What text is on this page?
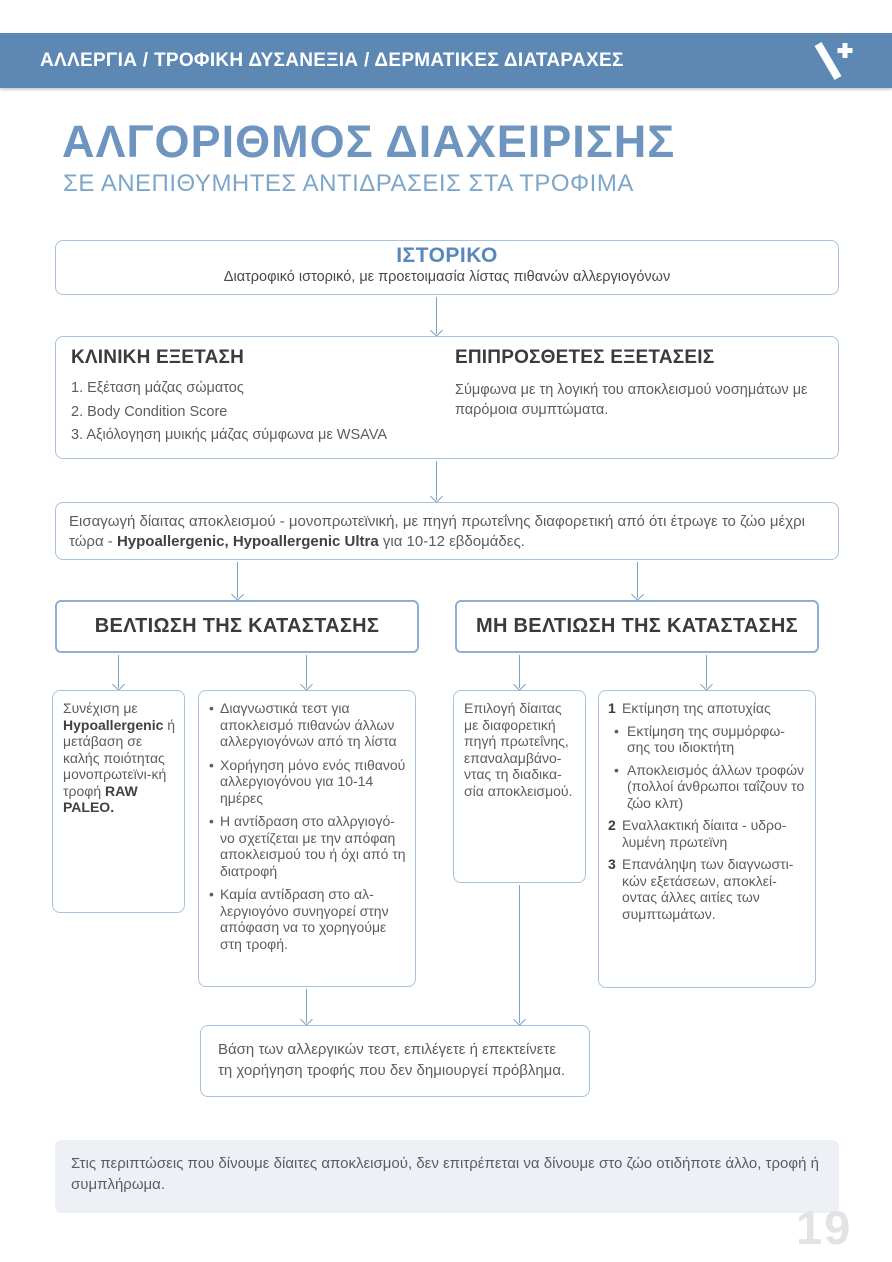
ΑΛΛΕΡΓΙΑ / ΤΡΟΦΙΚΗ ΔΥΣΑΝΕΞΙΑ / ΔΕΡΜΑΤΙΚΕΣ ΔΙΑΤΑΡΑΧΕΣ
ΑΛΓΟΡΙΘΜΟΣ ΔΙΑΧΕΙΡΙΣΗΣ
ΣΕ ΑΝΕΠΙΘΥΜΗΤΕΣ ΑΝΤΙΔΡΑΣΕΙΣ ΣΤΑ ΤΡΟΦΙΜΑ
ΙΣΤΟΡΙΚΟ
Διατροφικό ιστορικό, με προετοιμασία λίστας πιθανών αλλεργιογόνων
ΚΛΙΝΙΚΗ ΕΞΕΤΑΣΗ
1. Εξέταση μάζας σώματος
2. Body Condition Score
3. Αξιόλογηση μυικής μάζας σύμφωνα με WSAVA
ΕΠΙΠΡΟΣΘΕΤΕΣ ΕΞΕΤΑΣΕΙΣ
Σύμφωνα με τη λογική του αποκλεισμού νοσημάτων με παρόμοια συμπτώματα.
Εισαγωγή δίαιτας αποκλεισμού - μονοπρωτεϊνική, με πηγή πρωτεΐνης διαφορετική από ότι έτρωγε το ζώο μέχρι τώρα - Hypoallergenic, Hypoallergenic Ultra για 10-12 εβδομάδες.
ΒΕΛΤΙΩΣΗ ΤΗΣ ΚΑΤΑΣΤΑΣΗΣ	ΜΗ ΒΕΛΤΙΩΣΗ ΤΗΣ ΚΑΤΑΣΤΑΣΗΣ
Συνέχιση με Hypoallergenic ή μετάβαση σε καλής ποιότητας μονοπρωτεϊνι-κή τροφή RAW PALEO.
• Διαγνωστικά τεστ για αποκλεισμό πιθανών άλλων αλλεργιογόνων από τη λίστα
• Χορήγηση μόνο ενός πιθανού αλλεργιογόνου για 10-14 ημέρες
• Η αντίδραση στο αλλργιογό-νο σχετίζεται με την απόφαη αποκλεισμού του ή όχι από τη διατροφή
• Καμία αντίδραση στο αλ-λεργιογόνο συνηγορεί στην απόφαση να το χορηγούμε στη τροφή.
Επιλογή δίαιτας με διαφορετική πηγή πρωτεΐνης, επαναλαμβάνο-ντας τη διαδικα-σία αποκλεισμού.
1 Εκτίμηση της αποτυχίας
• Εκτίμηση της συμμόρφω-σης του ιδιοκτήτη
• Αποκλεισμός άλλων τροφών (πολλοί άνθρωποι ταΐζουν το ζώο κλπ)
2 Εναλλακτική δίαιτα - υδρο-λυμένη πρωτεϊνη
3 Επανάληψη των διαγνωστι-κών εξετάσεων, αποκλεί-οντας άλλες αιτίες των συμπτωμάτων.
Βάση των αλλεργικών τεστ, επιλέγετε ή επεκτείνετε τη χορήγηση τροφής που δεν δημιουργεί πρόβλημα.
Στις περιπτώσεις που δίνουμε δίαιτες αποκλεισμού, δεν επιτρέπεται να δίνουμε στο ζώο οτιδήποτε άλλο, τροφή ή συμπλήρωμα.
19
